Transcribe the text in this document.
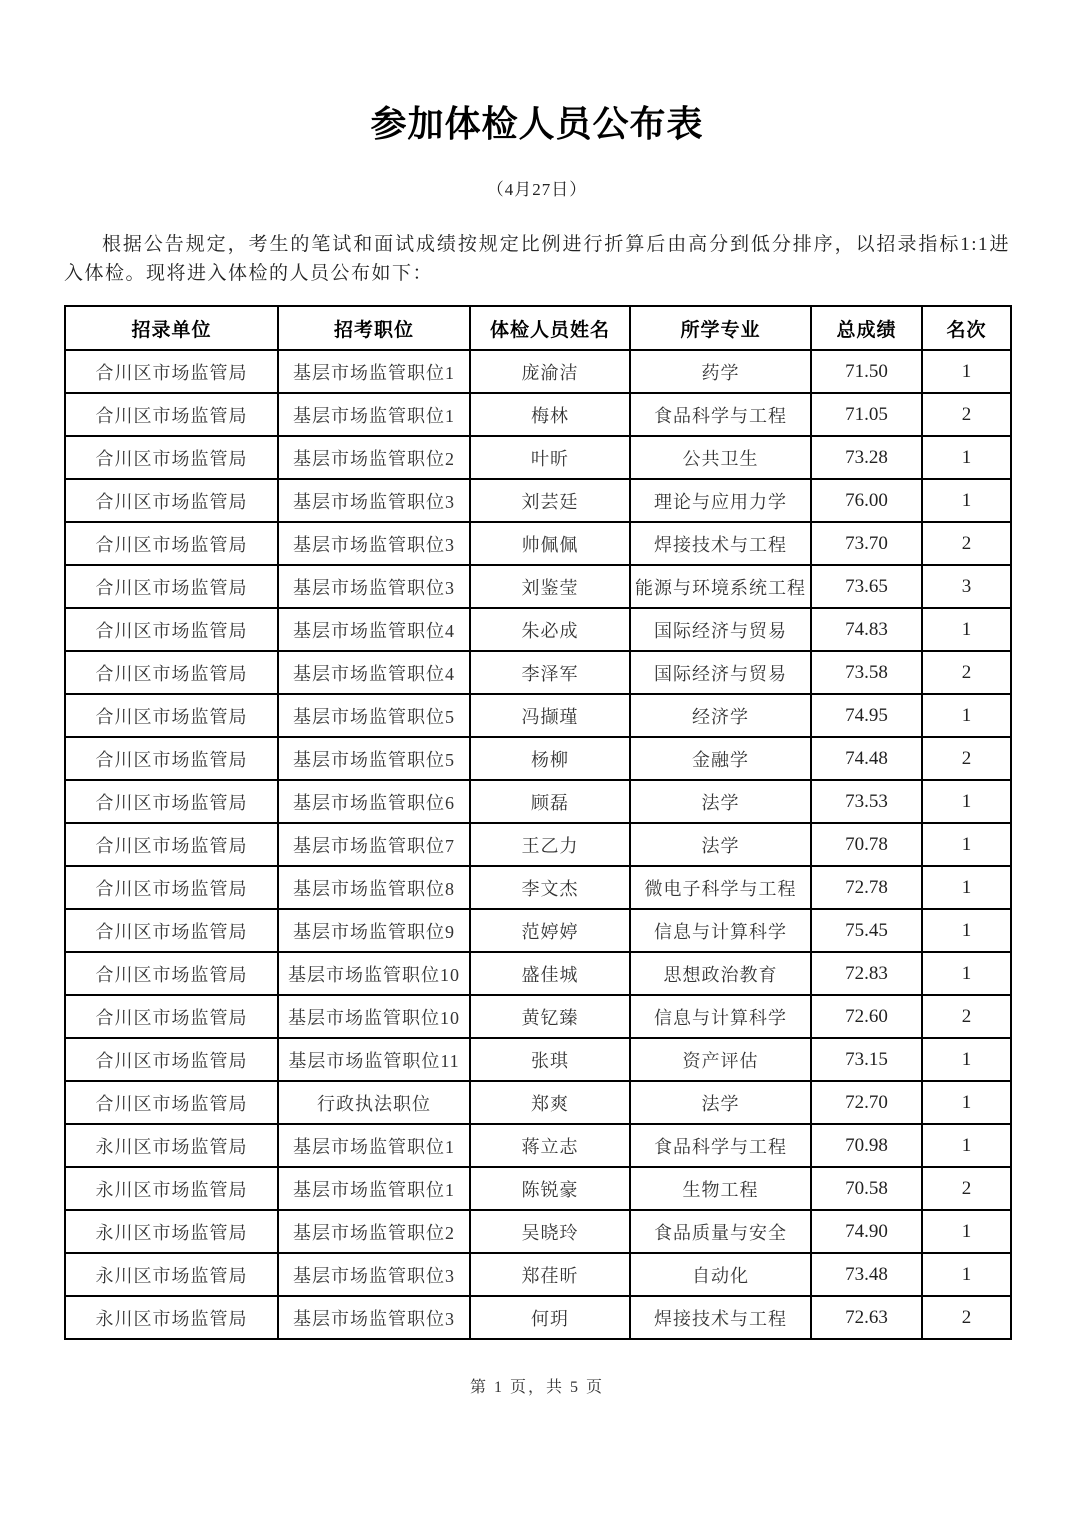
参加体检人员公布表
（4月27日）

根据公告规定，考生的笔试和面试成绩按规定比例进行折算后由高分到低分排序，以招录指标1:1进入体检。现将进入体检的人员公布如下：

招录单位	招考职位	体检人员姓名	所学专业	总成绩	名次
合川区市场监管局	基层市场监管职位1	庞渝洁	药学	71.50	1
合川区市场监管局	基层市场监管职位1	梅林	食品科学与工程	71.05	2
合川区市场监管局	基层市场监管职位2	叶昕	公共卫生	73.28	1
合川区市场监管局	基层市场监管职位3	刘芸廷	理论与应用力学	76.00	1
合川区市场监管局	基层市场监管职位3	帅佩佩	焊接技术与工程	73.70	2
合川区市场监管局	基层市场监管职位3	刘鉴莹	能源与环境系统工程	73.65	3
合川区市场监管局	基层市场监管职位4	朱必成	国际经济与贸易	74.83	1
合川区市场监管局	基层市场监管职位4	李泽军	国际经济与贸易	73.58	2
合川区市场监管局	基层市场监管职位5	冯撷瑾	经济学	74.95	1
合川区市场监管局	基层市场监管职位5	杨柳	金融学	74.48	2
合川区市场监管局	基层市场监管职位6	顾磊	法学	73.53	1
合川区市场监管局	基层市场监管职位7	王乙力	法学	70.78	1
合川区市场监管局	基层市场监管职位8	李文杰	微电子科学与工程	72.78	1
合川区市场监管局	基层市场监管职位9	范婷婷	信息与计算科学	75.45	1
合川区市场监管局	基层市场监管职位10	盛佳城	思想政治教育	72.83	1
合川区市场监管局	基层市场监管职位10	黄钇臻	信息与计算科学	72.60	2
合川区市场监管局	基层市场监管职位11	张琪	资产评估	73.15	1
合川区市场监管局	行政执法职位	郑爽	法学	72.70	1
永川区市场监管局	基层市场监管职位1	蒋立志	食品科学与工程	70.98	1
永川区市场监管局	基层市场监管职位1	陈锐豪	生物工程	70.58	2
永川区市场监管局	基层市场监管职位2	吴晓玲	食品质量与安全	74.90	1
永川区市场监管局	基层市场监管职位3	郑荏昕	自动化	73.48	1
永川区市场监管局	基层市场监管职位3	何玥	焊接技术与工程	72.63	2
第 1 页，共 5 页
